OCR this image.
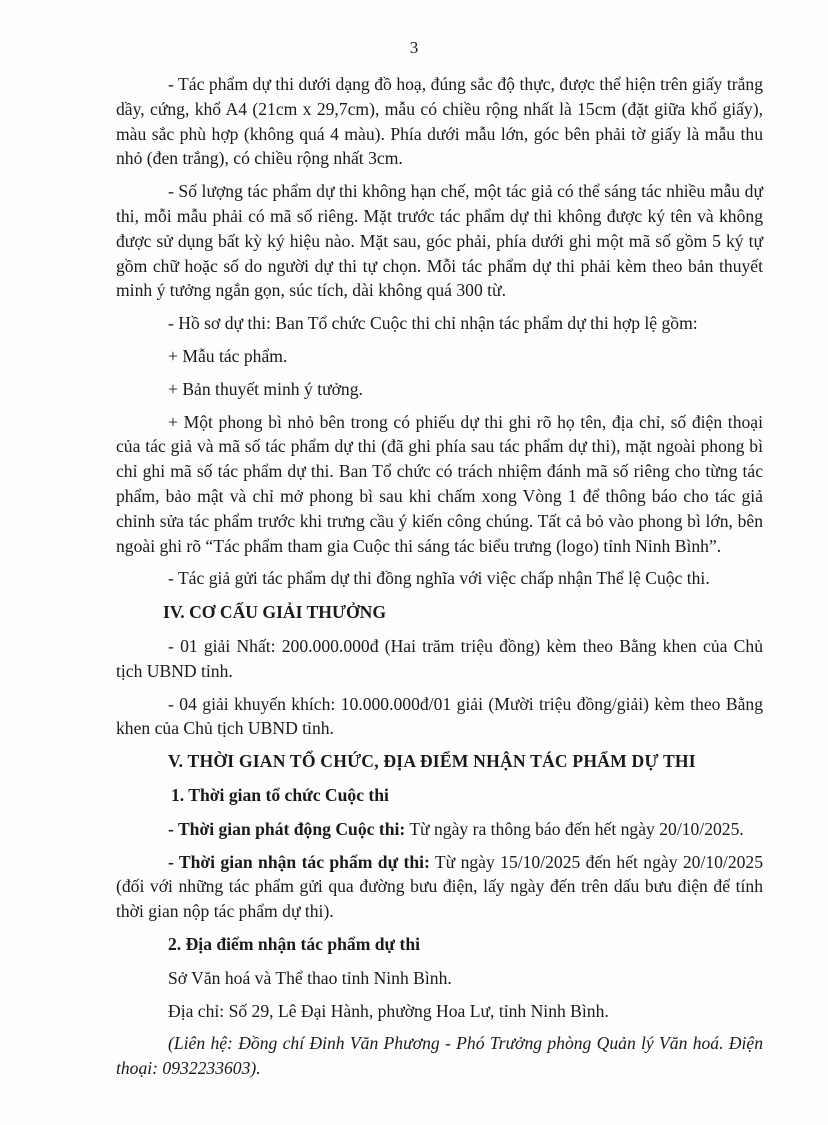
3

- Tác phẩm dự thi dưới dạng đồ hoạ, đúng sắc độ thực, được thể hiện trên giấy trắng dầy, cứng, khổ A4 (21cm x 29,7cm), mẫu có chiều rộng nhất là 15cm (đặt giữa khổ giấy), màu sắc phù hợp (không quá 4 màu). Phía dưới mẫu lớn, góc bên phải tờ giấy là mẫu thu nhỏ (đen trắng), có chiều rộng nhất 3cm.

- Số lượng tác phẩm dự thi không hạn chế, một tác giả có thể sáng tác nhiều mẫu dự thi, mỗi mẫu phải có mã số riêng. Mặt trước tác phẩm dự thi không được ký tên và không được sử dụng bất kỳ ký hiệu nào. Mặt sau, góc phải, phía dưới ghi một mã số gồm 5 ký tự gồm chữ hoặc số do người dự thi tự chọn. Mỗi tác phẩm dự thi phải kèm theo bản thuyết minh ý tưởng ngắn gọn, súc tích, dài không quá 300 từ.

- Hồ sơ dự thi: Ban Tổ chức Cuộc thi chỉ nhận tác phẩm dự thi hợp lệ gồm:

+ Mẫu tác phẩm.

+ Bản thuyết minh ý tưởng.

+ Một phong bì nhỏ bên trong có phiếu dự thi ghi rõ họ tên, địa chỉ, số điện thoại của tác giả và mã số tác phẩm dự thi (đã ghi phía sau tác phẩm dự thi), mặt ngoài phong bì chỉ ghi mã số tác phẩm dự thi. Ban Tổ chức có trách nhiệm đánh mã số riêng cho từng tác phẩm, bảo mật và chỉ mở phong bì sau khi chấm xong Vòng 1 để thông báo cho tác giả chỉnh sửa tác phẩm trước khi trưng cầu ý kiến công chúng. Tất cả bỏ vào phong bì lớn, bên ngoài ghi rõ “Tác phẩm tham gia Cuộc thi sáng tác biểu trưng (logo) tỉnh Ninh Bình”.

- Tác giả gửi tác phẩm dự thi đồng nghĩa với việc chấp nhận Thể lệ Cuộc thi.

IV. CƠ CẤU GIẢI THƯỞNG

- 01 giải Nhất: 200.000.000đ (Hai trăm triệu đồng) kèm theo Bằng khen của Chủ tịch UBND tỉnh.

- 04 giải khuyến khích: 10.000.000đ/01 giải (Mười triệu đồng/giải) kèm theo Bằng khen của Chủ tịch UBND tỉnh.

V. THỜI GIAN TỔ CHỨC, ĐỊA ĐIỂM NHẬN TÁC PHẨM DỰ THI
1. Thời gian tổ chức Cuộc thi

- Thời gian phát động Cuộc thi: Từ ngày ra thông báo đến hết ngày 20/10/2025.

- Thời gian nhận tác phẩm dự thi: Từ ngày 15/10/2025 đến hết ngày 20/10/2025 (đối với những tác phẩm gửi qua đường bưu điện, lấy ngày đến trên dấu bưu điện để tính thời gian nộp tác phẩm dự thi).

2. Địa điểm nhận tác phẩm dự thi

Sở Văn hoá và Thể thao tỉnh Ninh Bình.

Địa chỉ: Số 29, Lê Đại Hành, phường Hoa Lư, tỉnh Ninh Bình.

(Liên hệ: Đồng chí Đinh Văn Phương - Phó Trưởng phòng Quản lý Văn hoá. Điện thoại: 0932233603).
